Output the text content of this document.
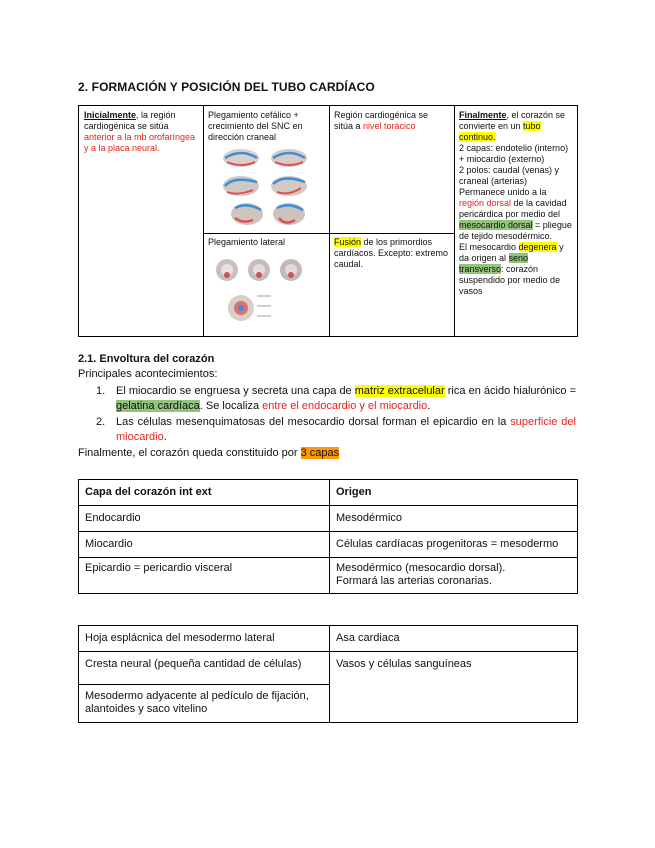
2. FORMACIÓN Y POSICIÓN DEL TUBO CARDÍACO
Inicialmente, la región cardiogénica se sitúa anterior a la mb orofaríngea y a la placa neural.
Plegamiento cefálico + crecimiento del SNC en dirección craneal
Plegamiento lateral
Región cardiogénica se sitúa a nivel torácico
Fusión de los primordios cardíacos. Excepto: extremo caudal.
Finalmente, el corazón se convierte en un tubo continuo.
2 capas: endotelio (interno) + miocardio (externo)
2 polos: caudal (venas) y craneal (arterias)
Permanece unido a la región dorsal de la cavidad pericárdica por medio del mesocardio dorsal = pliegue de tejido mesodérmico.
El mesocardio degenera y da origen al seno transverso: corazón suspendido por medio de vasos
2.1. Envoltura del corazón
Principales acontecimientos:
1. El miocardio se engruesa y secreta una capa de matriz extracelular rica en ácido hialurónico = gelatina cardíaca. Se localiza entre el endocardio y el miocardio.
2. Las células mesenquimatosas del mesocardio dorsal forman el epicardio en la superficie del miocardio.
Finalmente, el corazón queda constituido por 3 capas
Capa del corazón int ext	Origen
Endocardio	Mesodérmico
Miocardio	Células cardíacas progenitoras = mesodermo
Epicardio = pericardio visceral	Mesodérmico (mesocardio dorsal).
Formará las arterias coronarias.
Hoja esplácnica del mesodermo lateral	Asa cardiaca
Cresta neural (pequeña cantidad de células)	Vasos y células sanguíneas
Mesodermo adyacente al pedículo de fijación, alantoides y saco vitelino	
